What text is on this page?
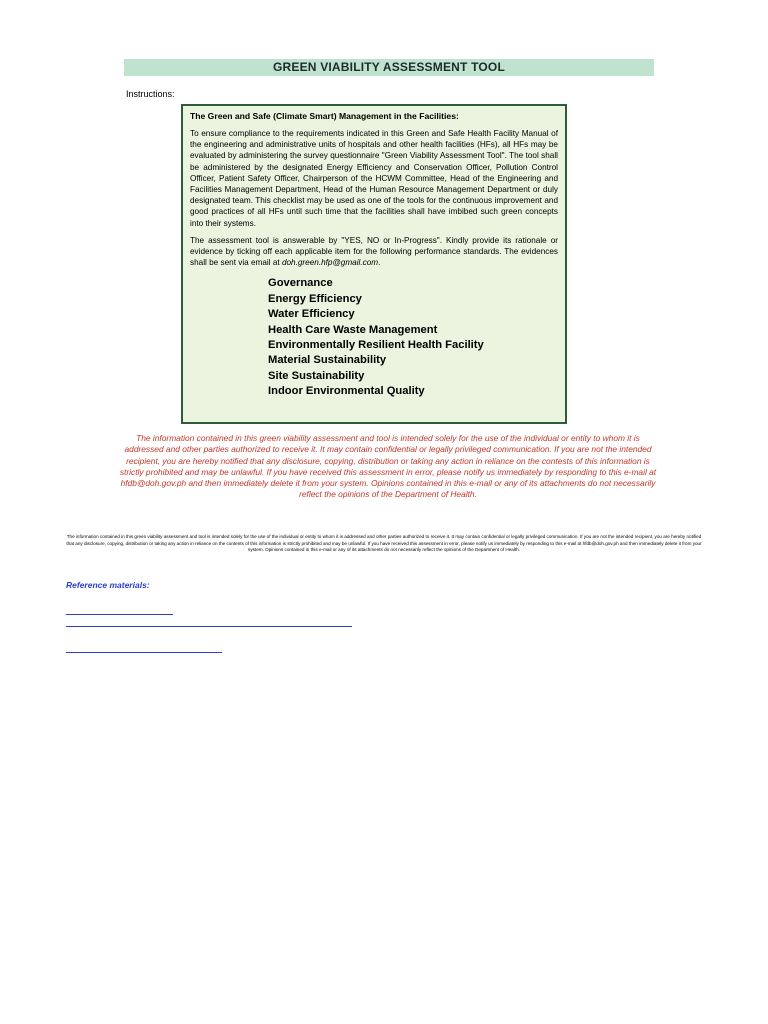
GREEN VIABILITY ASSESSMENT TOOL
Instructions:

The information contained in this green viability assessment and tool is intended solely for the use of the individual or entity to whom it is addressed and other parties authorized to receive it. It may contain confidential or legally privileged communication. If you are not the intended recipient, you are hereby notified that any disclosure, copying, distribution or taking any action in reliance on the contests of this information is strictly prohibited and may be unlawful. If you have received this assessment in error, please notify us immediately by responding to this e-mail at hfdb@doh.gov.ph and then immediately delete it from your system. Opinions contained in this e-mail or any of its attachments do not necessarily reflect the opinions of the Department of Health.

The Green and Safe (Climate Smart) Management in the Facilities:

To ensure compliance to the requirements indicated in this Green and Safe Health Facility Manual of the engineering and administrative units of hospitals and other health facilities (HFs), all HFs may be evaluated by administering the survey questionnaire "Green Viability Assessment Tool". The tool shall be administered by the designated Energy Efficiency and Conservation Officer, Pollution Control Officer, Patient Safety Officer, Chairperson of the HCWM Committee, Head of the Engineering and Facilities Management Department, Head of the Human Resource Management Department or duly designated team. This checklist may be used as one of the tools for the continuous improvement and good practices of all HFs until such time that the facilities shall have imbibed such green concepts into their systems.

The assessment tool is answerable by "YES, NO or In-Progress". Kindly provide its rationale or evidence by ticking off each applicable item for the following performance standards. The evidences shall be sent via email at doh.green.hfp@gmail.com.

Governance
Energy Efficiency
Water Efficiency
Health Care Waste Management
Environmentally Resilient Health Facility
Material Sustainability
Site Sustainability
Indoor Environmental Quality

The information contained in this green viability assessment and tool is intended solely for the use of the individual or entity to whom it is addressed and other parties authorized to receive it. It may contain confidential or legally privileged communication. If you are not the intended recipient, you are hereby notified that any disclosure, copying, distribution or taking any action in reliance on the contents of this information is strictly prohibited and may be unlawful. If you have received this assessment in error, please notify us immediately by responding to this e-mail at hfdb@doh.gov.ph and then immediately delete it from your system. Opinions contained in this e-mail or any of its attachments do not necessarily reflect the opinions of the Department of Health.

Reference materials:
